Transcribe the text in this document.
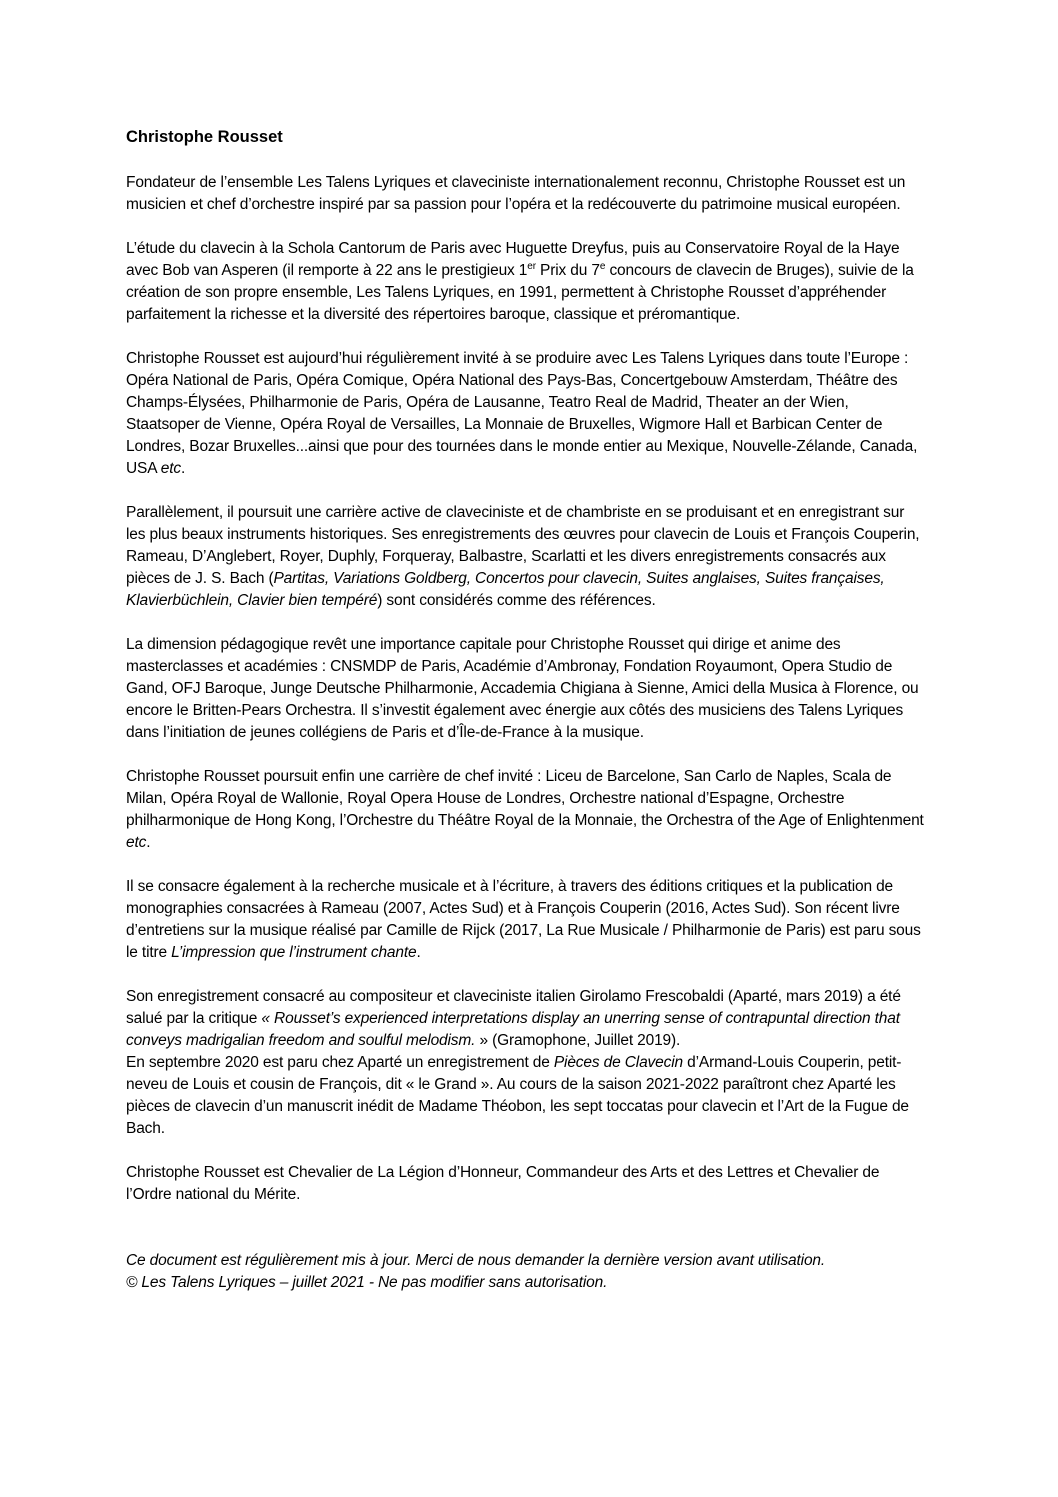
Christophe Rousset

Fondateur de l’ensemble Les Talens Lyriques et claveciniste internationalement reconnu, Christophe Rousset est un musicien et chef d’orchestre inspiré par sa passion pour l’opéra et la redécouverte du patrimoine musical européen.

L’étude du clavecin à la Schola Cantorum de Paris avec Huguette Dreyfus, puis au Conservatoire Royal de la Haye avec Bob van Asperen (il remporte à 22 ans le prestigieux 1er Prix du 7e concours de clavecin de Bruges), suivie de la création de son propre ensemble, Les Talens Lyriques, en 1991, permettent à Christophe Rousset d’appréhender parfaitement la richesse et la diversité des répertoires baroque, classique et préromantique.

Christophe Rousset est aujourd’hui régulièrement invité à se produire avec Les Talens Lyriques dans toute l’Europe : Opéra National de Paris, Opéra Comique, Opéra National des Pays-Bas, Concertgebouw Amsterdam, Théâtre des Champs-Élysées, Philharmonie de Paris, Opéra de Lausanne, Teatro Real de Madrid, Theater an der Wien, Staatsoper de Vienne, Opéra Royal de Versailles, La Monnaie de Bruxelles, Wigmore Hall et Barbican Center de Londres, Bozar Bruxelles...ainsi que pour des tournées dans le monde entier au Mexique, Nouvelle-Zélande, Canada, USA etc.

Parallèlement, il poursuit une carrière active de claveciniste et de chambriste en se produisant et en enregistrant sur les plus beaux instruments historiques. Ses enregistrements des œuvres pour clavecin de Louis et François Couperin, Rameau, D’Anglebert, Royer, Duphly, Forqueray, Balbastre, Scarlatti et les divers enregistrements consacrés aux pièces de J. S. Bach (Partitas, Variations Goldberg, Concertos pour clavecin, Suites anglaises, Suites françaises, Klavierbüchlein, Clavier bien tempéré) sont considérés comme des références.

La dimension pédagogique revêt une importance capitale pour Christophe Rousset qui dirige et anime des masterclasses et académies : CNSMDP de Paris, Académie d’Ambronay, Fondation Royaumont, Opera Studio de Gand, OFJ Baroque, Junge Deutsche Philharmonie, Accademia Chigiana à Sienne, Amici della Musica à Florence, ou encore le Britten-Pears Orchestra. Il s’investit également avec énergie aux côtés des musiciens des Talens Lyriques dans l’initiation de jeunes collégiens de Paris et d’Île-de-France à la musique.

Christophe Rousset poursuit enfin une carrière de chef invité : Liceu de Barcelone, San Carlo de Naples, Scala de Milan, Opéra Royal de Wallonie, Royal Opera House de Londres, Orchestre national d’Espagne, Orchestre philharmonique de Hong Kong, l’Orchestre du Théâtre Royal de la Monnaie, the Orchestra of the Age of Enlightenment etc.

Il se consacre également à la recherche musicale et à l’écriture, à travers des éditions critiques et la publication de monographies consacrées à Rameau (2007, Actes Sud) et à François Couperin (2016, Actes Sud). Son récent livre d’entretiens sur la musique réalisé par Camille de Rijck (2017, La Rue Musicale / Philharmonie de Paris) est paru sous le titre L’impression que l’instrument chante.

Son enregistrement consacré au compositeur et claveciniste italien Girolamo Frescobaldi (Aparté, mars 2019) a été salué par la critique « Rousset’s experienced interpretations display an unerring sense of contrapuntal direction that conveys madrigalian freedom and soulful melodism. » (Gramophone, Juillet 2019).

En septembre 2020 est paru chez Aparté un enregistrement de Pièces de Clavecin d’Armand-Louis Couperin, petit-neveu de Louis et cousin de François, dit « le Grand ». Au cours de la saison 2021-2022 paraîtront chez Aparté les pièces de clavecin d’un manuscrit inédit de Madame Théobon, les sept toccatas pour clavecin et l’Art de la Fugue de Bach.

Christophe Rousset est Chevalier de La Légion d’Honneur, Commandeur des Arts et des Lettres et Chevalier de l’Ordre national du Mérite.

Ce document est régulièrement mis à jour. Merci de nous demander la dernière version avant utilisation.
© Les Talens Lyriques – juillet 2021 - Ne pas modifier sans autorisation.
